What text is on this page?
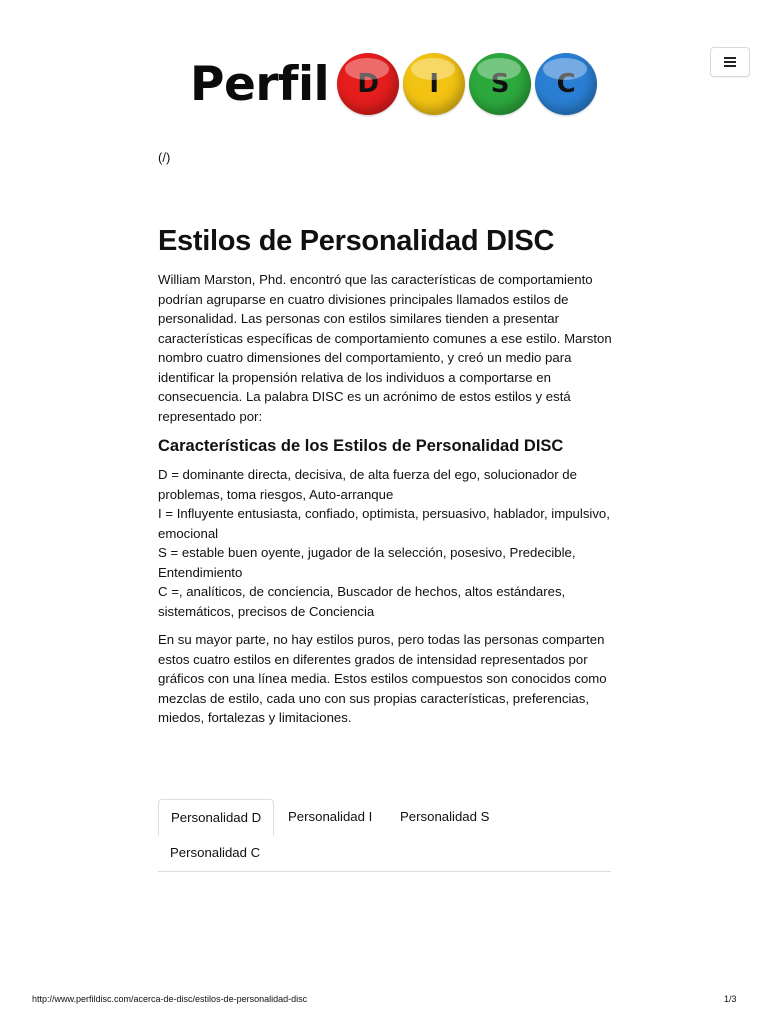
Perfil D I S C
(/)
Estilos de Personalidad DISC

William Marston, Phd. encontró que las características de comportamiento podrían agruparse en cuatro divisiones principales llamados estilos de personalidad. Las personas con estilos similares tienden a presentar características específicas de comportamiento comunes a ese estilo. Marston nombro cuatro dimensiones del comportamiento, y creó un medio para identificar la propensión relativa de los individuos a comportarse en consecuencia. La palabra DISC es un acrónimo de estos estilos y está representado por:

Características de los Estilos de Personalidad DISC
D = dominante directa, decisiva, de alta fuerza del ego, solucionador de problemas, toma riesgos, Auto-arranque
I = Influyente entusiasta, confiado, optimista, persuasivo, hablador, impulsivo, emocional
S = estable buen oyente, jugador de la selección, posesivo, Predecible, Entendimiento
C =, analíticos, de conciencia, Buscador de hechos, altos estándares, sistemáticos, precisos de Conciencia

En su mayor parte, no hay estilos puros, pero todas las personas comparten estos cuatro estilos en diferentes grados de intensidad representados por gráficos con una línea media. Estos estilos compuestos son conocidos como mezclas de estilo, cada uno con sus propias características, preferencias, miedos, fortalezas y limitaciones.

Personalidad D	Personalidad I	Personalidad S
Personalidad C
http://www.perfildisc.com/acerca-de-disc/estilos-de-personalidad-disc	1/3
